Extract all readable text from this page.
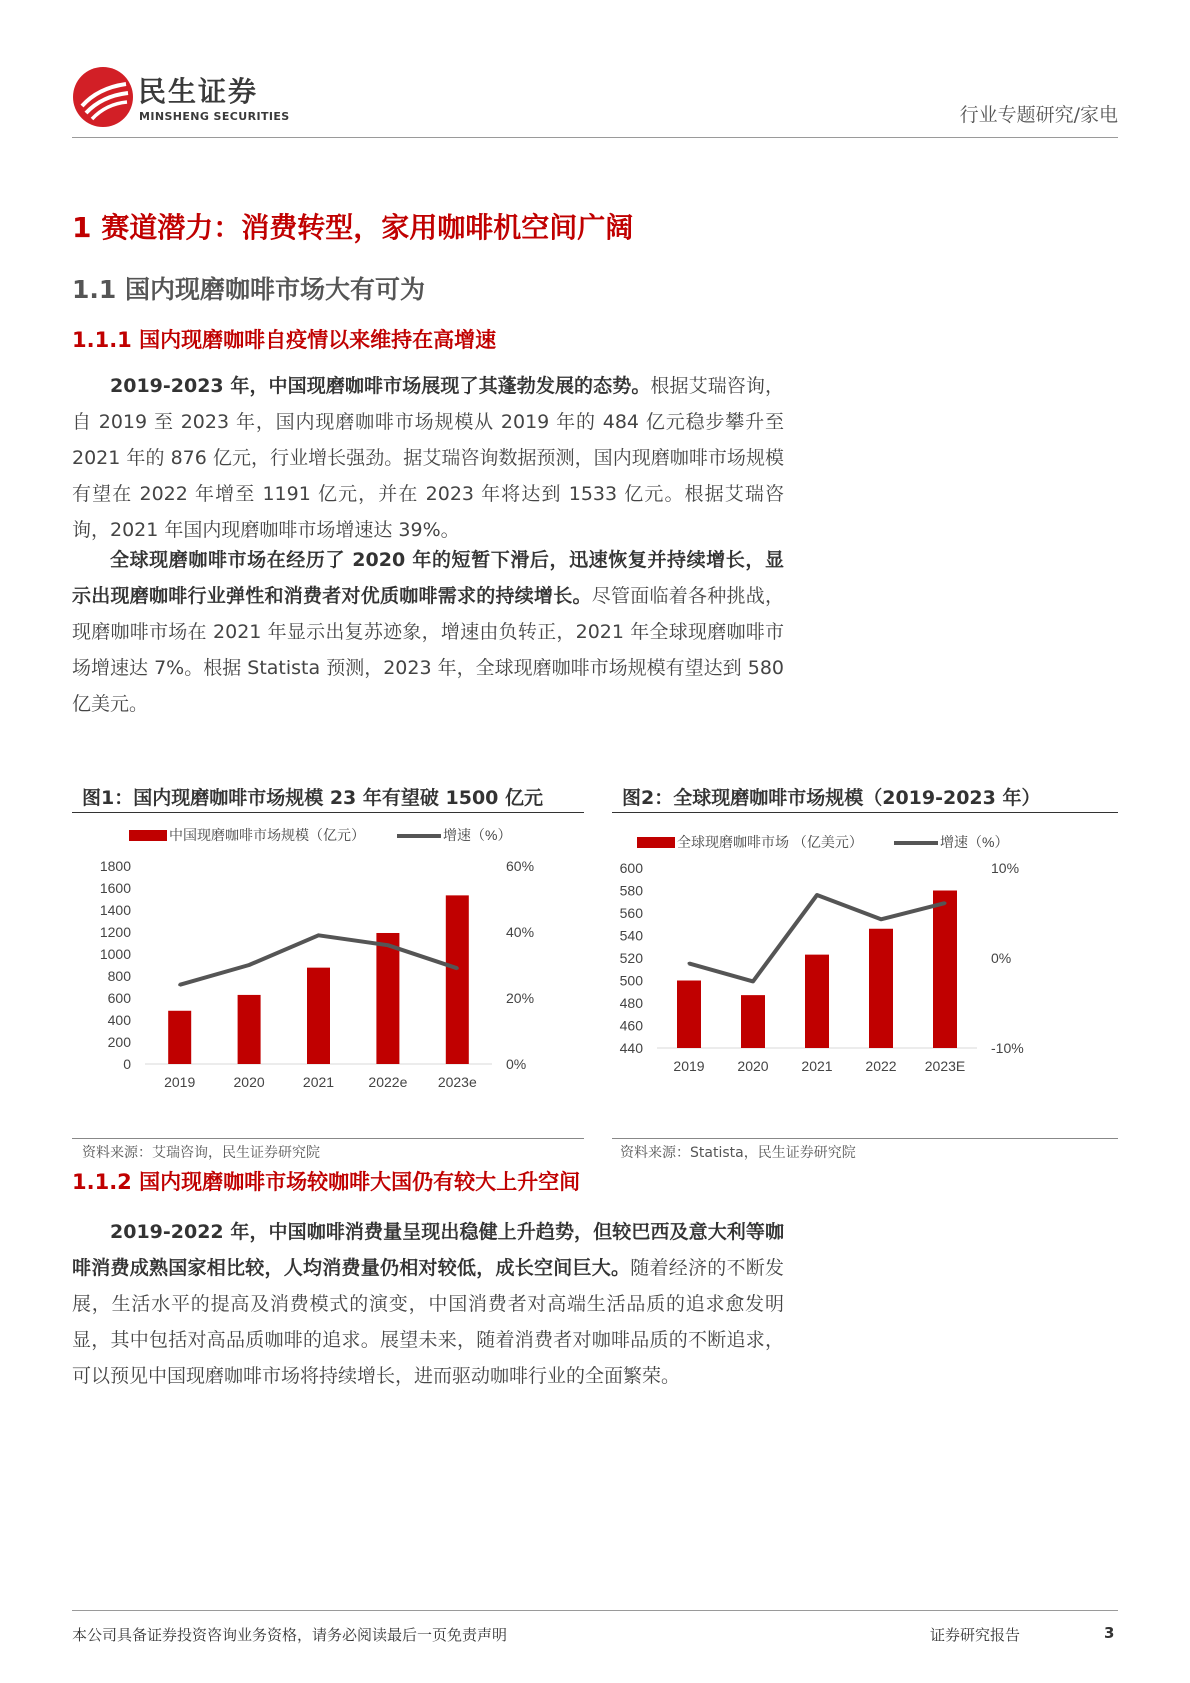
民生证券
MINSHENG SECURITIES	行业专题研究/家电
1 赛道潜力：消费转型，家用咖啡机空间广阔
1.1 国内现磨咖啡市场大有可为
1.1.1 国内现磨咖啡自疫情以来维持在高增速

2019-2023 年，中国现磨咖啡市场展现了其蓬勃发展的态势。根据艾瑞咨询，自 2019 至 2023 年，国内现磨咖啡市场规模从 2019 年的 484 亿元稳步攀升至 2021 年的 876 亿元，行业增长强劲。据艾瑞咨询数据预测，国内现磨咖啡市场规模有望在 2022 年增至 1191 亿元，并在 2023 年将达到 1533 亿元。根据艾瑞咨询，2021 年国内现磨咖啡市场增速达 39%。

全球现磨咖啡市场在经历了 2020 年的短暂下滑后，迅速恢复并持续增长，显示出现磨咖啡行业弹性和消费者对优质咖啡需求的持续增长。尽管面临着各种挑战，现磨咖啡市场在 2021 年显示出复苏迹象，增速由负转正，2021 年全球现磨咖啡市场增速达 7%。根据 Statista 预测，2023 年，全球现磨咖啡市场规模有望达到 580 亿美元。

图1：国内现磨咖啡市场规模 23 年有望破 1500 亿元
中国现磨咖啡市场规模（亿元）	增速（%）
0
200
400
600
800
1000
1200
1400
1600
1800
0%
20%
40%
60%
2019	2020	2021 2022e 2023e
资料来源：艾瑞咨询，民生证券研究院
图2：全球现磨咖啡市场规模（2019-2023 年）
全球现磨咖啡市场 （亿美元）	增速（%）
440
460
480
500
520
540
560
580
600
-10%
0%
10%
2019 2020 2021 2022 2023E
资料来源：Statista，民生证券研究院
1.1.2 国内现磨咖啡市场较咖啡大国仍有较大上升空间

2019-2022 年，中国咖啡消费量呈现出稳健上升趋势，但较巴西及意大利等咖啡消费成熟国家相比较，人均消费量仍相对较低，成长空间巨大。随着经济的不断发展，生活水平的提高及消费模式的演变，中国消费者对高端生活品质的追求愈发明显，其中包括对高品质咖啡的追求。展望未来，随着消费者对咖啡品质的不断追求，可以预见中国现磨咖啡市场将持续增长，进而驱动咖啡行业的全面繁荣。

本公司具备证券投资咨询业务资格，请务必阅读最后一页免责声明	证券研究报告	3
